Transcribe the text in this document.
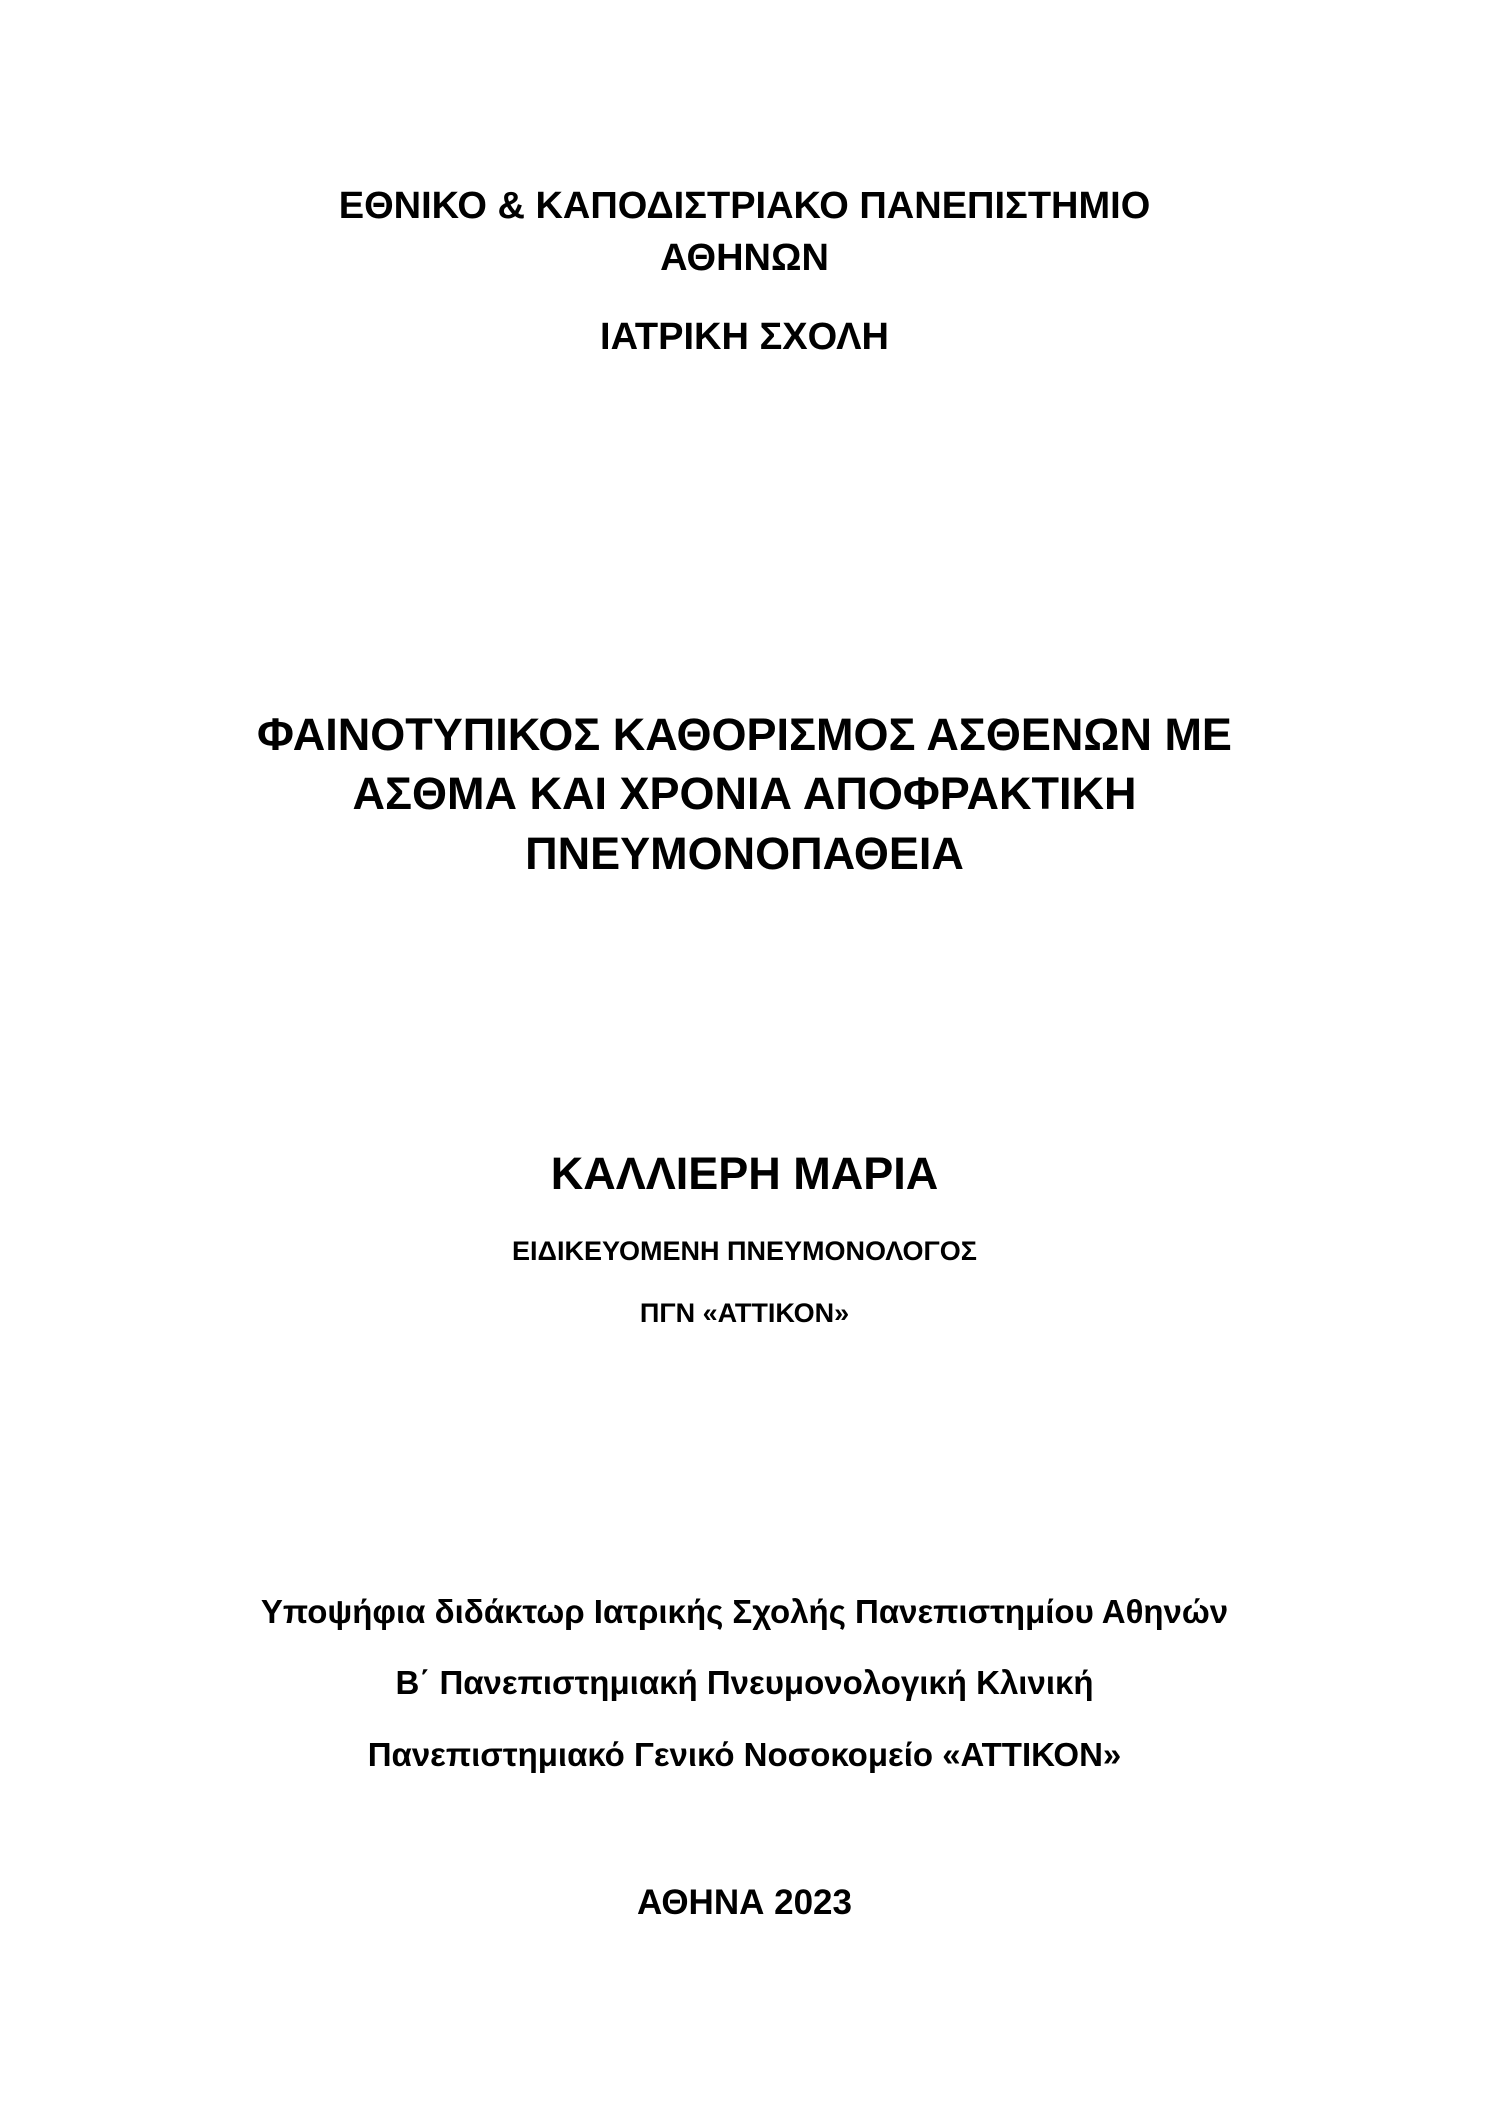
ΕΘΝΙΚΟ & ΚΑΠΟΔΙΣΤΡΙΑΚΟ ΠΑΝΕΠΙΣΤΗΜΙΟ
ΑΘΗΝΩΝ
ΙΑΤΡΙΚΗ ΣΧΟΛΗ
ΦΑΙΝΟΤΥΠΙΚΟΣ ΚΑΘΟΡΙΣΜΟΣ ΑΣΘΕΝΩΝ ΜΕ
ΑΣΘΜΑ ΚΑΙ ΧΡΟΝΙΑ ΑΠΟΦΡΑΚΤΙΚΗ
ΠΝΕΥΜΟΝΟΠΑΘΕΙΑ
ΚΑΛΛΙΕΡΗ ΜΑΡΙΑ
ΕΙΔΙΚΕΥΟΜΕΝΗ ΠΝΕΥΜΟΝΟΛΟΓΟΣ
ΠΓΝ «ΑΤΤΙΚΟΝ»
Υποψήφια διδάκτωρ Ιατρικής Σχολής Πανεπιστημίου Αθηνών
Β΄ Πανεπιστημιακή Πνευμονολογική Κλινική
Πανεπιστημιακό Γενικό Νοσοκομείο «ΑΤΤΙΚΟΝ»
ΑΘΗΝΑ 2023
